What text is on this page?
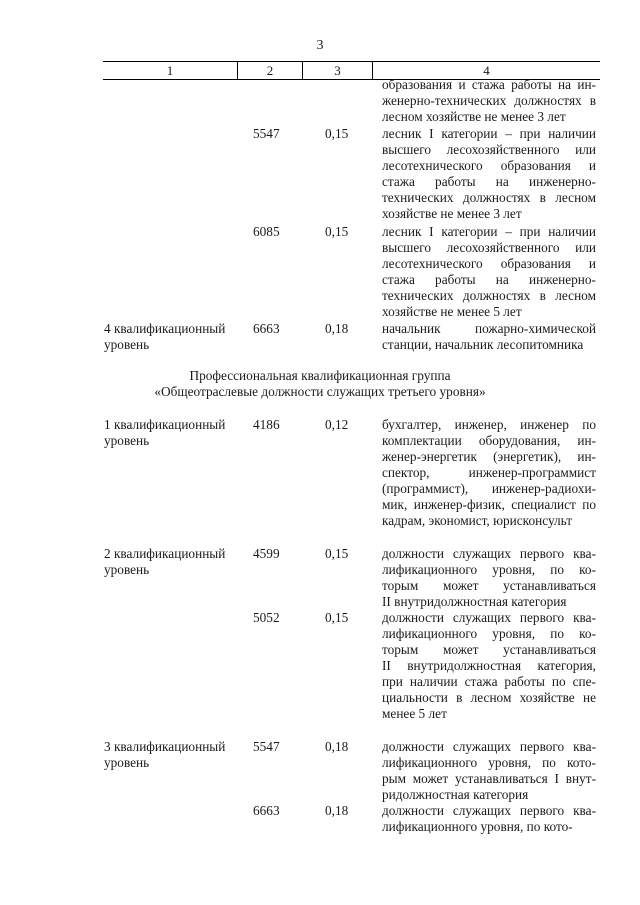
3
1	2	3	4
образования и стажа работы на ин-
женерно-технических должностях в
лесном хозяйстве не менее 3 лет
5547	0,15	лесник I категории – при наличии
высшего лесохозяйственного или
лесотехнического образования и
стажа работы на инженерно-
технических должностях в лесном
хозяйстве не менее 3 лет
6085	0,15	лесник I категории – при наличии
высшего лесохозяйственного или
лесотехнического образования и
стажа работы на инженерно-
технических должностях в лесном
хозяйстве не менее 5 лет
4 квалификационный
уровень
6663	0,18	начальник пожарно-химической
станции, начальник лесопитомника
Профессиональная квалификационная группа
«Общеотраслевые должности служащих третьего уровня»
1 квалификационный
уровень
4186	0,12	бухгалтер, инженер, инженер по
комплектации оборудования, ин-
женер-энергетик (энергетик), ин-
спектор, инженер-программист
(программист), инженер-радиохи-
мик, инженер-физик, специалист по
кадрам, экономист, юрисконсульт
2 квалификационный
уровень
4599	0,15	должности служащих первого ква-
лификационного уровня, по ко-
торым может устанавливаться
II внутридолжностная категория
5052	0,15	должности служащих первого ква-
лификационного уровня, по ко-
торым может устанавливаться
II внутридолжностная категория,
при наличии стажа работы по спе-
циальности в лесном хозяйстве не
менее 5 лет
3 квалификационный
уровень
5547	0,18	должности служащих первого ква-
лификационного уровня, по кото-
рым может устанавливаться I внут-
ридолжностная категория
6663	0,18	должности служащих первого ква-
лификационного уровня, по кото-
